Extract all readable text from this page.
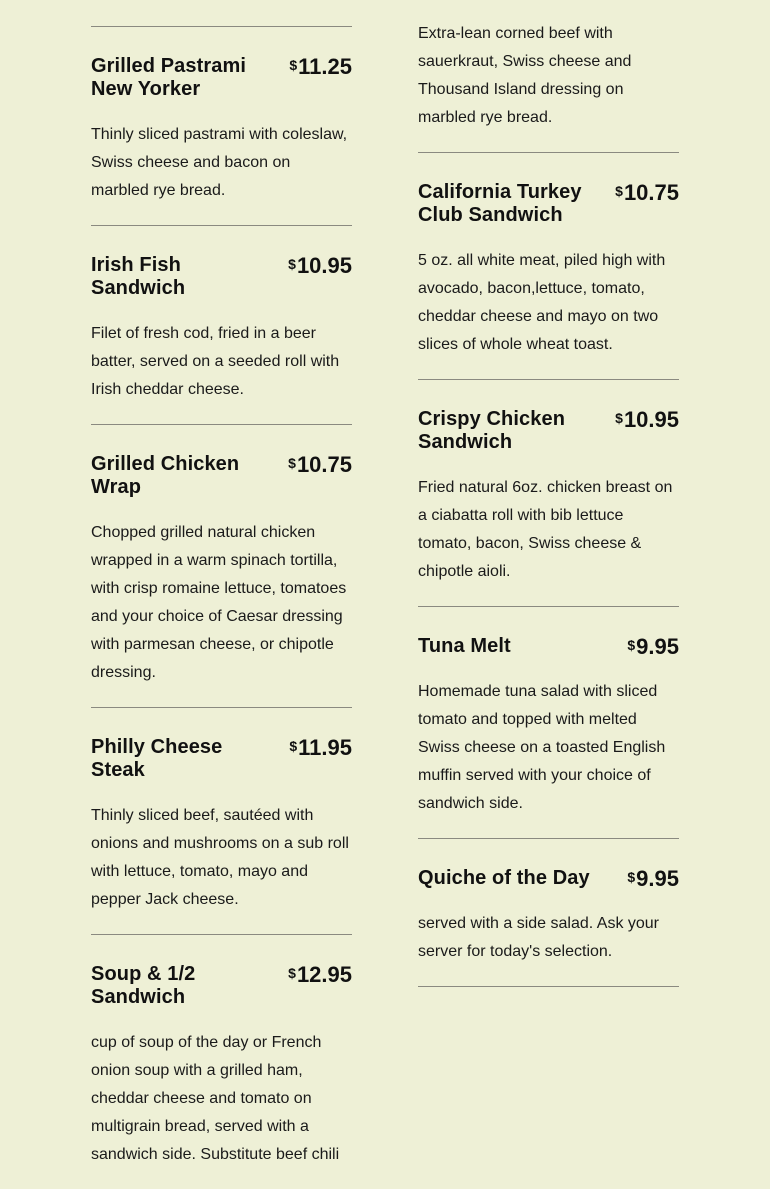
Grilled Pastrami New Yorker
$11.25
Thinly sliced pastrami with coleslaw, Swiss cheese and bacon on marbled rye bread.
Irish Fish Sandwich
$10.95
Filet of fresh cod, fried in a beer batter, served on a seeded roll with Irish cheddar cheese.
Grilled Chicken Wrap
$10.75
Chopped grilled natural chicken wrapped in a warm spinach tortilla, with crisp romaine lettuce, tomatoes and your choice of Caesar dressing with parmesan cheese, or chipotle dressing.
Philly Cheese Steak
$11.95
Thinly sliced beef, sautéed with onions and mushrooms on a sub roll with lettuce, tomato, mayo and pepper Jack cheese.
Soup & 1/2 Sandwich
$12.95
cup of soup of the day or French onion soup with a grilled ham, cheddar cheese and tomato on multigrain bread, served with a sandwich side. Substitute beef chili
Extra-lean corned beef with sauerkraut, Swiss cheese and Thousand Island dressing on marbled rye bread.
California Turkey Club Sandwich
$10.75
5 oz. all white meat, piled high with avocado, bacon,lettuce, tomato, cheddar cheese and mayo on two slices of whole wheat toast.
Crispy Chicken Sandwich
$10.95
Fried natural 6oz. chicken breast on a ciabatta roll with bib lettuce tomato, bacon, Swiss cheese & chipotle aioli.
Tuna Melt	$9.95
Homemade tuna salad with sliced tomato and topped with melted Swiss cheese on a toasted English muffin served with your choice of sandwich side.
Quiche of the Day	$9.95
served with a side salad. Ask your server for today's selection.
